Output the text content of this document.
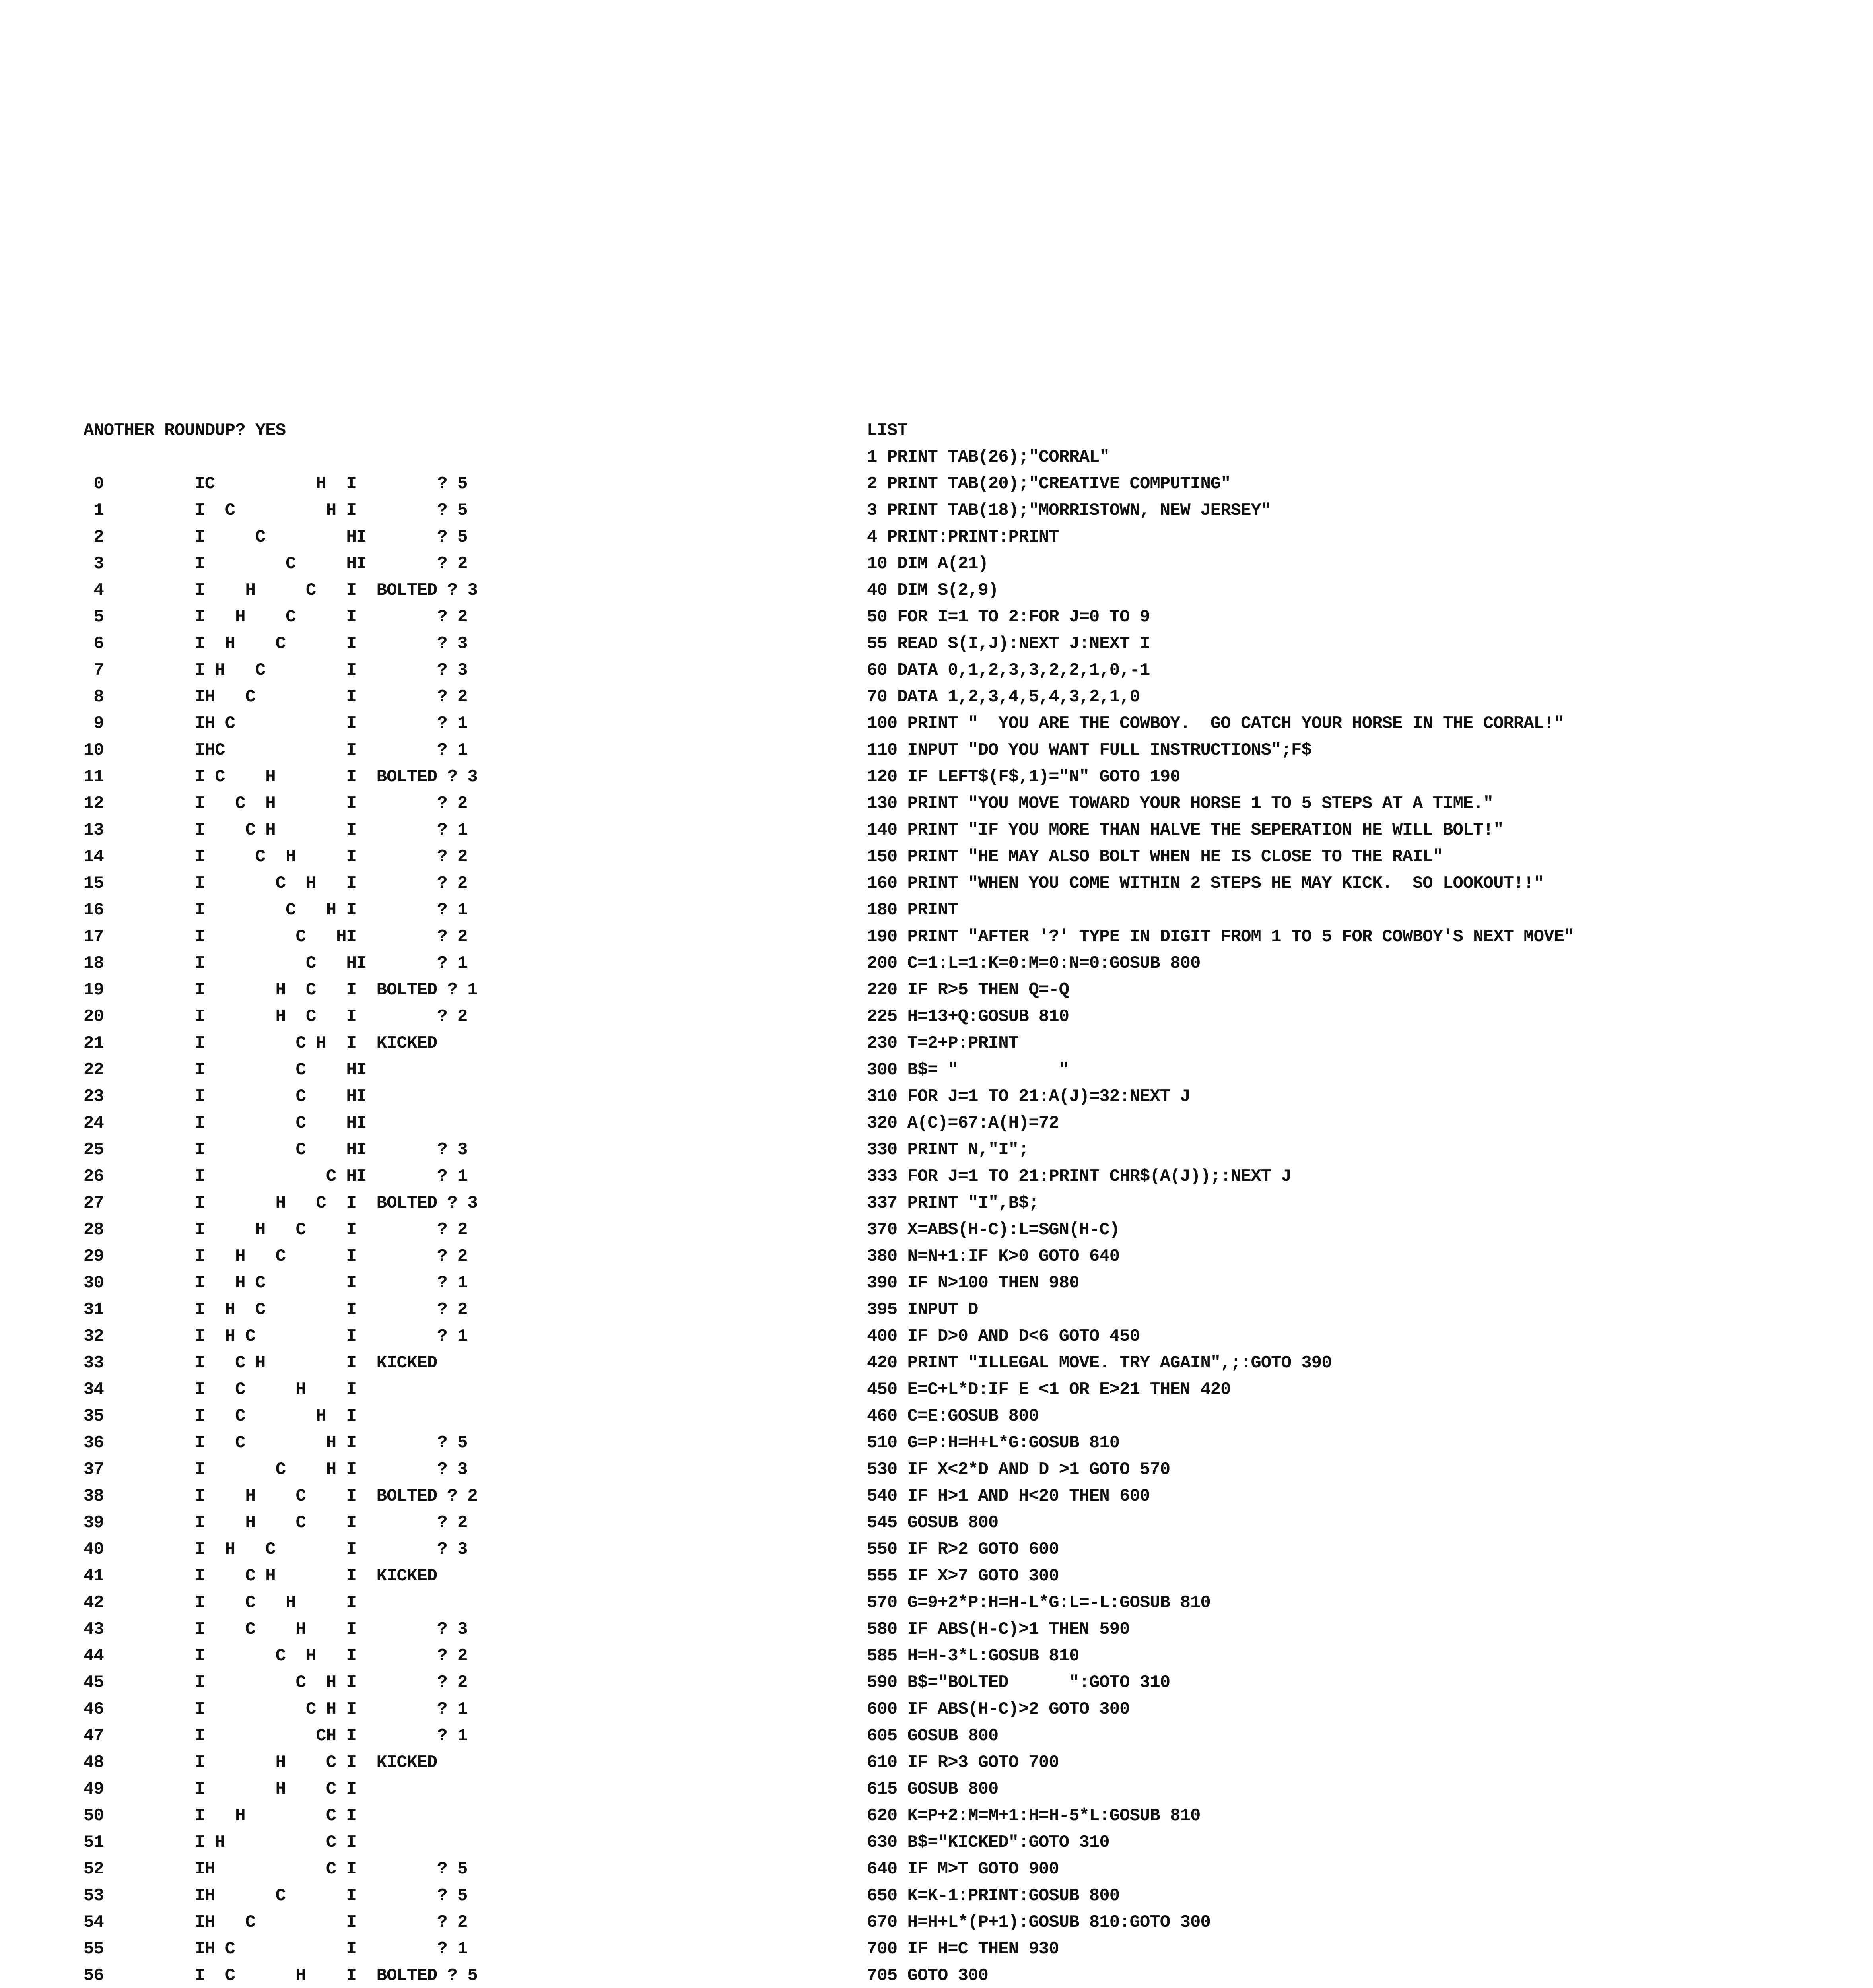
ANOTHER ROUNDUP? YES
0         IC          H  I        ? 5
1         I  C         H I        ? 5
2         I     C        HI       ? 5
3         I        C     HI       ? 2
4         I    H     C   I  BOLTED ? 3
5         I   H    C     I        ? 2
6         I  H    C      I        ? 3
7         I H   C        I        ? 3
8         IH   C         I        ? 2
9         IH C           I        ? 1
10         IHC            I        ? 1
11         I C    H       I  BOLTED ? 3
12         I   C  H       I        ? 2
13         I    C H       I        ? 1
14         I     C  H     I        ? 2
15         I       C  H   I        ? 2
16         I        C   H I        ? 1
17         I         C   HI        ? 2
18         I          C   HI       ? 1
19         I       H  C   I  BOLTED ? 1
20         I       H  C   I        ? 2
21         I         C H  I  KICKED
22         I         C    HI
23         I         C    HI
24         I         C    HI
25         I         C    HI       ? 3
26         I            C HI       ? 1
27         I       H   C  I  BOLTED ? 3
28         I     H   C    I        ? 2
29         I   H   C      I        ? 2
30         I   H C        I        ? 1
31         I  H  C        I        ? 2
32         I  H C         I        ? 1
33         I   C H        I  KICKED
34         I   C     H    I
35         I   C       H  I
36         I   C        H I        ? 5
37         I       C    H I        ? 3
38         I    H    C    I  BOLTED ? 2
39         I    H    C    I        ? 2
40         I  H   C       I        ? 3
41         I    C H       I  KICKED
42         I    C   H     I
43         I    C    H    I        ? 3
44         I       C  H   I        ? 2
45         I         C  H I        ? 2
46         I          C H I        ? 1
47         I           CH I        ? 1
48         I       H    C I  KICKED
49         I       H    C I
50         I   H        C I
51         I H          C I
52         IH           C I        ? 5
53         IH      C      I        ? 5
54         IH   C         I        ? 2
55         IH C           I        ? 1
56         I  C      H    I  BOLTED ? 5
LIST
1 PRINT TAB(26);"CORRAL"
2 PRINT TAB(20);"CREATIVE COMPUTING"
3 PRINT TAB(18);"MORRISTOWN, NEW JERSEY"
4 PRINT:PRINT:PRINT
10 DIM A(21)
40 DIM S(2,9)
50 FOR I=1 TO 2:FOR J=0 TO 9
55 READ S(I,J):NEXT J:NEXT I
60 DATA 0,1,2,3,3,2,2,1,0,-1
70 DATA 1,2,3,4,5,4,3,2,1,0
100 PRINT "  YOU ARE THE COWBOY.  GO CATCH YOUR HORSE IN THE CORRAL!"
110 INPUT "DO YOU WANT FULL INSTRUCTIONS";F$
120 IF LEFT$(F$,1)="N" GOTO 190
130 PRINT "YOU MOVE TOWARD YOUR HORSE 1 TO 5 STEPS AT A TIME."
140 PRINT "IF YOU MORE THAN HALVE THE SEPERATION HE WILL BOLT!"
150 PRINT "HE MAY ALSO BOLT WHEN HE IS CLOSE TO THE RAIL"
160 PRINT "WHEN YOU COME WITHIN 2 STEPS HE MAY KICK.  SO LOOKOUT!!"
180 PRINT
190 PRINT "AFTER '?' TYPE IN DIGIT FROM 1 TO 5 FOR COWBOY'S NEXT MOVE"
200 C=1:L=1:K=0:M=0:N=0:GOSUB 800
220 IF R>5 THEN Q=-Q
225 H=13+Q:GOSUB 810
230 T=2+P:PRINT
300 B$= "          "
310 FOR J=1 TO 21:A(J)=32:NEXT J
320 A(C)=67:A(H)=72
330 PRINT N,"I";
333 FOR J=1 TO 21:PRINT CHR$(A(J));:NEXT J
337 PRINT "I",B$;
370 X=ABS(H-C):L=SGN(H-C)
380 N=N+1:IF K>0 GOTO 640
390 IF N>100 THEN 980
395 INPUT D
400 IF D>0 AND D<6 GOTO 450
420 PRINT "ILLEGAL MOVE. TRY AGAIN",;:GOTO 390
450 E=C+L*D:IF E <1 OR E>21 THEN 420
460 C=E:GOSUB 800
510 G=P:H=H+L*G:GOSUB 810
530 IF X<2*D AND D >1 GOTO 570
540 IF H>1 AND H<20 THEN 600
545 GOSUB 800
550 IF R>2 GOTO 600
555 IF X>7 GOTO 300
570 G=9+2*P:H=H-L*G:L=-L:GOSUB 810
580 IF ABS(H-C)>1 THEN 590
585 H=H-3*L:GOSUB 810
590 B$="BOLTED      ":GOTO 310
600 IF ABS(H-C)>2 GOTO 300
605 GOSUB 800
610 IF R>3 GOTO 700
615 GOSUB 800
620 K=P+2:M=M+1:H=H-5*L:GOSUB 810
630 B$="KICKED":GOTO 310
640 IF M>T GOTO 900
650 K=K-1:PRINT:GOSUB 800
670 H=H+L*(P+1):GOSUB 810:GOTO 300
700 IF H=C THEN 930
705 GOTO 300
